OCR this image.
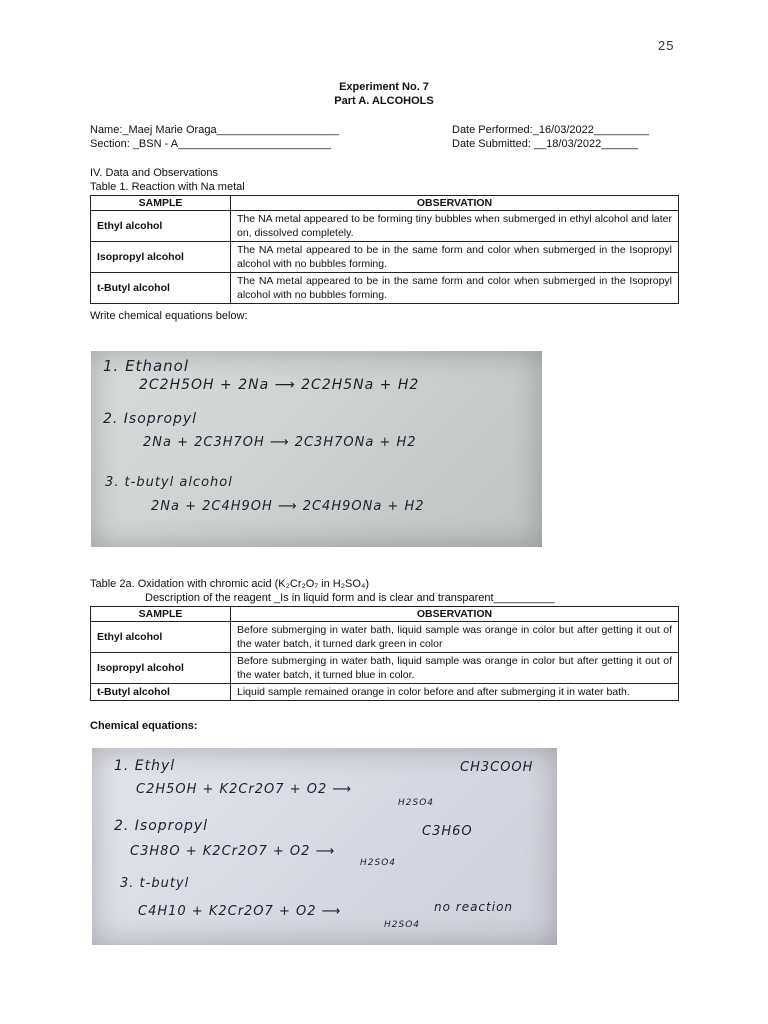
25
Experiment No. 7
Part A. ALCOHOLS
Name:_Maej Marie Oraga____________________
Section: _BSN - A_________________________
Date Performed:_16/03/2022_________
Date Submitted: __18/03/2022______
IV. Data and Observations
Table 1. Reaction with Na metal
SAMPLE	OBSERVATION
Ethyl alcohol	The NA metal appeared to be forming tiny bubbles when submerged in ethyl alcohol and later on, dissolved completely.
Isopropyl alcohol	The NA metal appeared to be in the same form and color when submerged in the Isopropyl alcohol with no bubbles forming.
t-Butyl alcohol	The NA metal appeared to be in the same form and color when submerged in the Isopropyl alcohol with no bubbles forming.
Write chemical equations below:
1. Ethanol
2C2H5OH + 2Na ⟶ 2C2H5Na + H2
2. Isopropyl
2Na + 2C3H7OH ⟶ 2C3H7ONa + H2
3. t-butyl alcohol
2Na + 2C4H9OH ⟶ 2C4H9ONa + H2
Table 2a. Oxidation with chromic acid (K₂Cr₂O₇ in H₂SO₄)
Description of the reagent _Is in liquid form and is clear and transparent__________
SAMPLE	OBSERVATION
Ethyl alcohol	Before submerging in water bath, liquid sample was orange in color but after getting it out of the water batch, it turned dark green in color
Isopropyl alcohol	Before submerging in water bath, liquid sample was orange in color but after getting it out of the water batch, it turned blue in color.
t-Butyl alcohol	Liquid sample remained orange in color before and after submerging it in water bath.
Chemical equations:
1. Ethyl	CH3COOH
C2H5OH + K2Cr2O7 + O2 ⟶
H2SO4
2. Isopropyl	C3H6O
C3H8O + K2Cr2O7 + O2 ⟶
H2SO4
3. t-butyl
C4H10 + K2Cr2O7 + O2 ⟶
H2SO4
no reaction
